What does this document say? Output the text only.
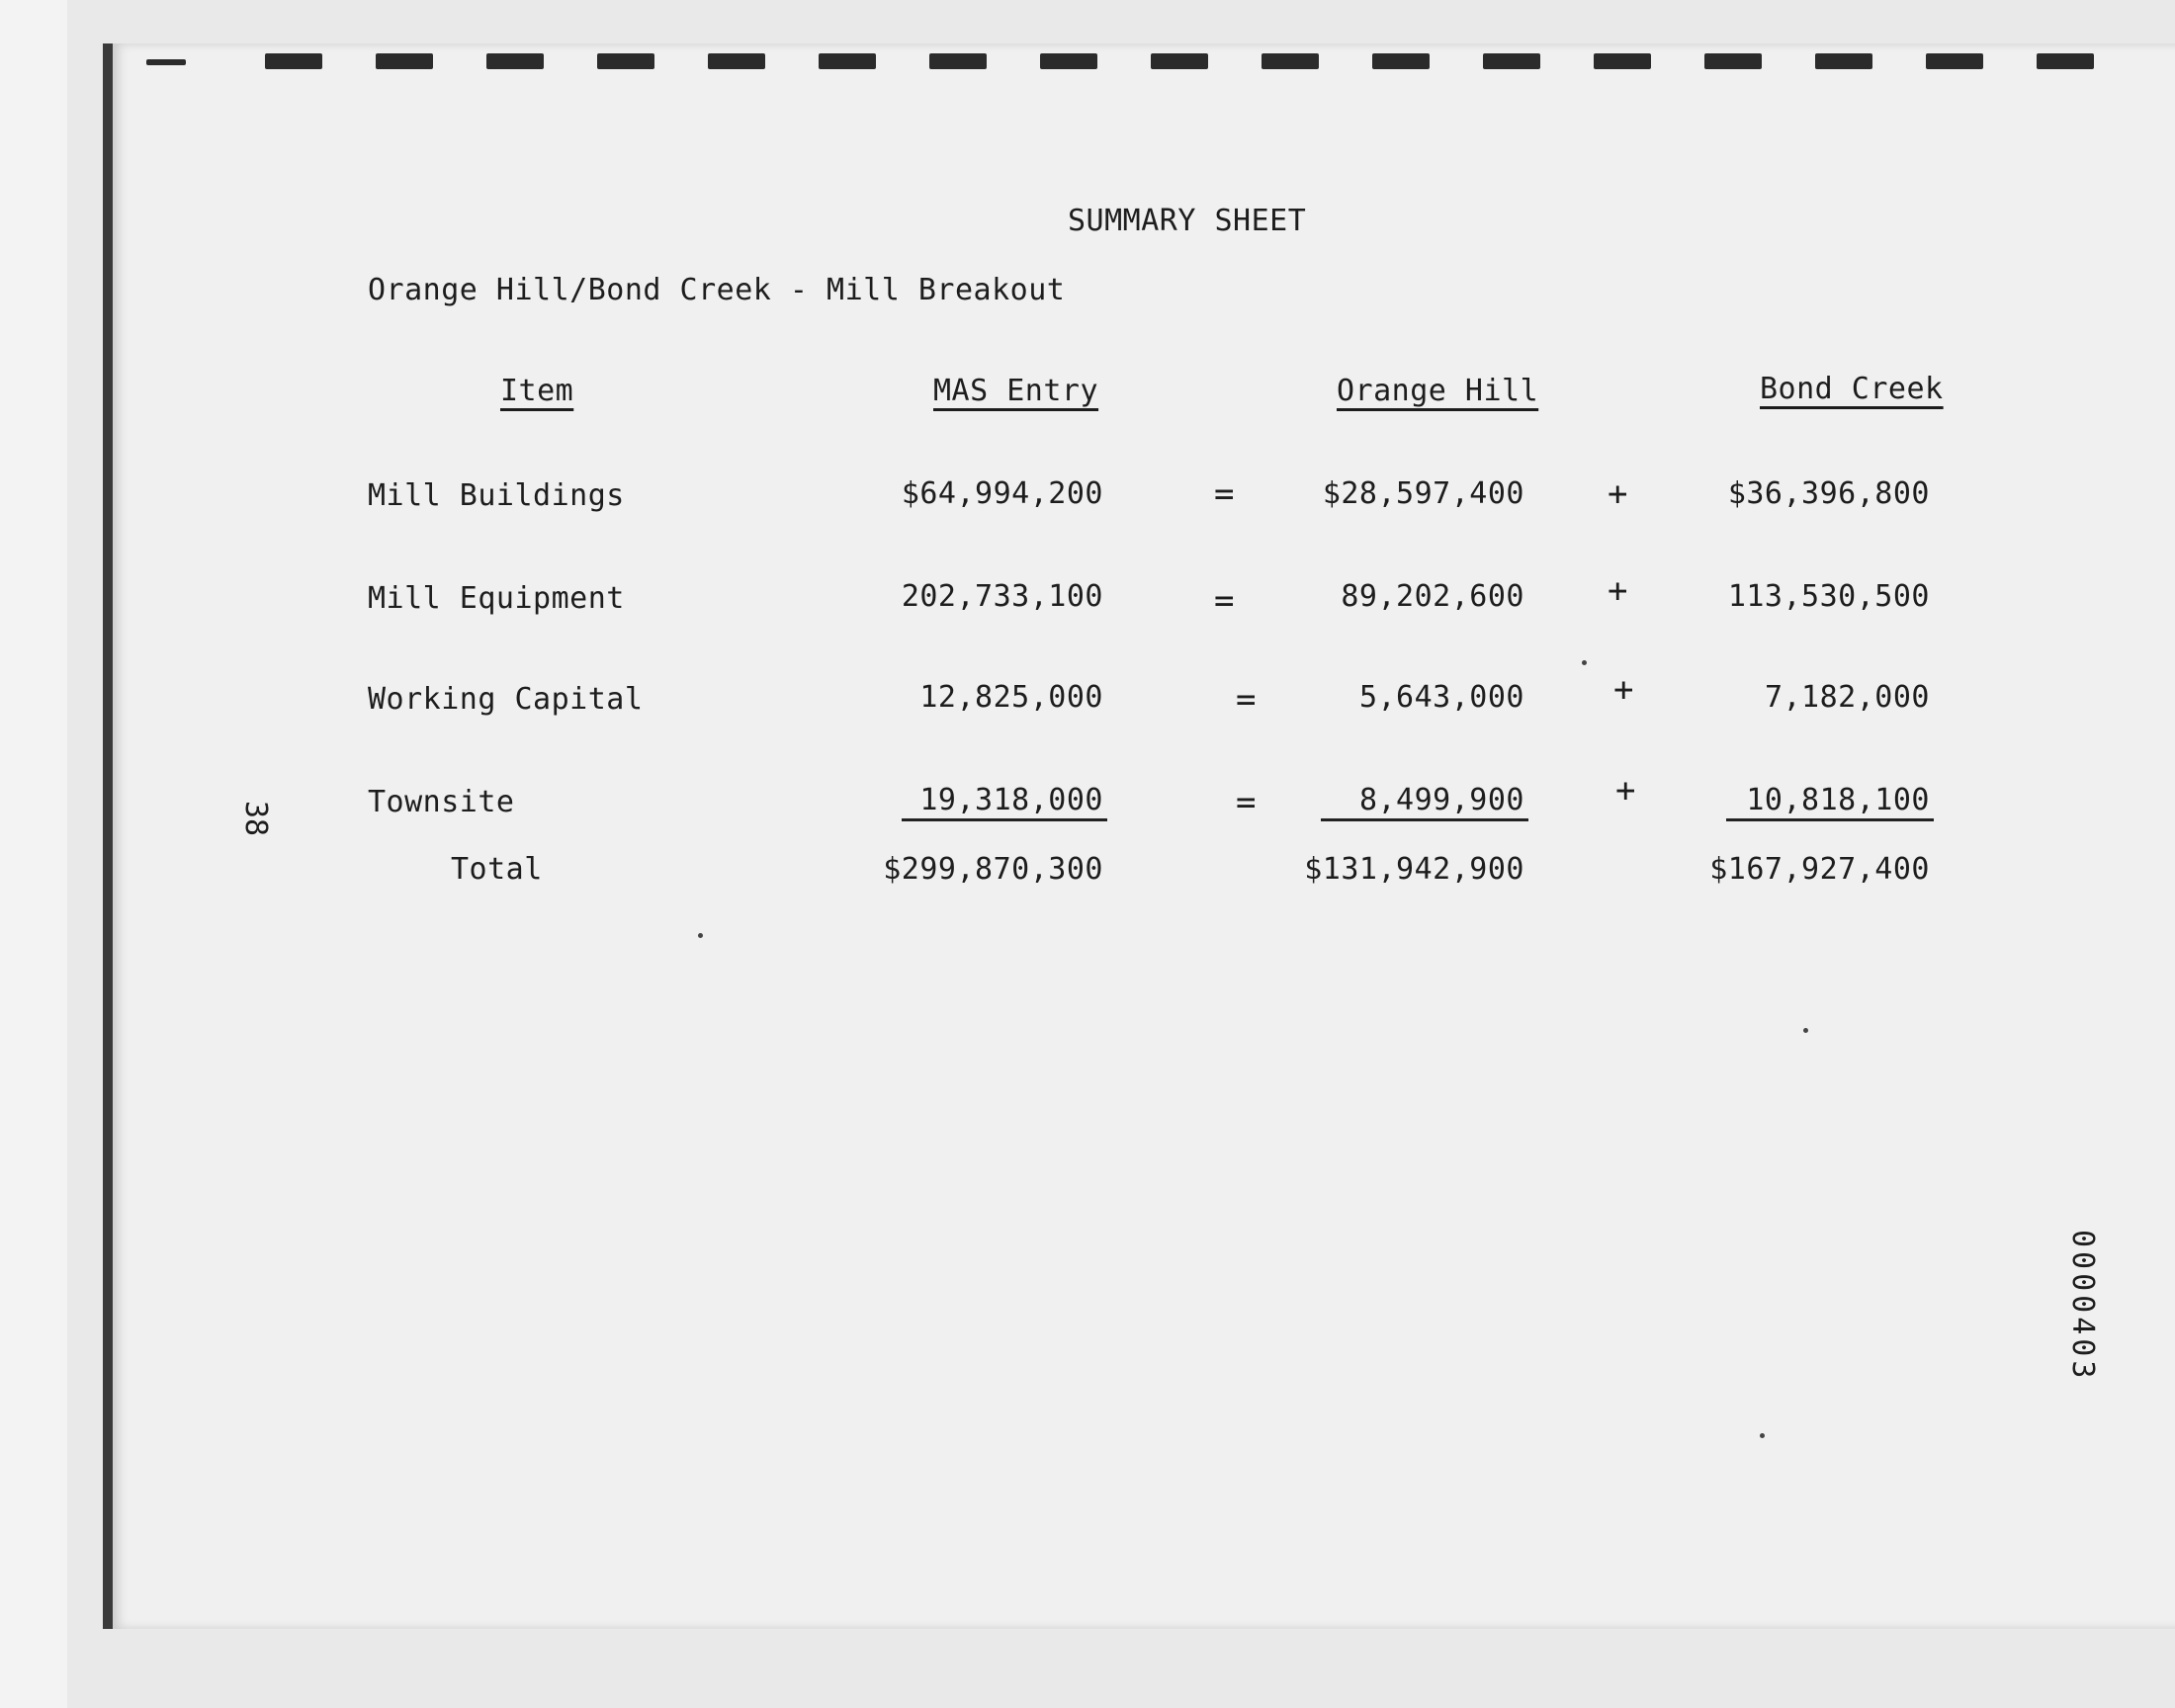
SUMMARY SHEET
Orange Hill/Bond Creek - Mill Breakout
Item	MAS Entry	Orange Hill	Bond Creek
Mill Buildings	$64,994,200	=	$28,597,400 +	$36,396,800
Mill Equipment	202,733,100	=	89,202,600 +	113,530,500
Working Capital	12,825,000	=	5,643,000	+	7,182,000
Townsite	19,318,000	=	8,499,900	+	10,818,100
Total	$299,870,300	$131,942,900	$167,927,400
38
0000403
